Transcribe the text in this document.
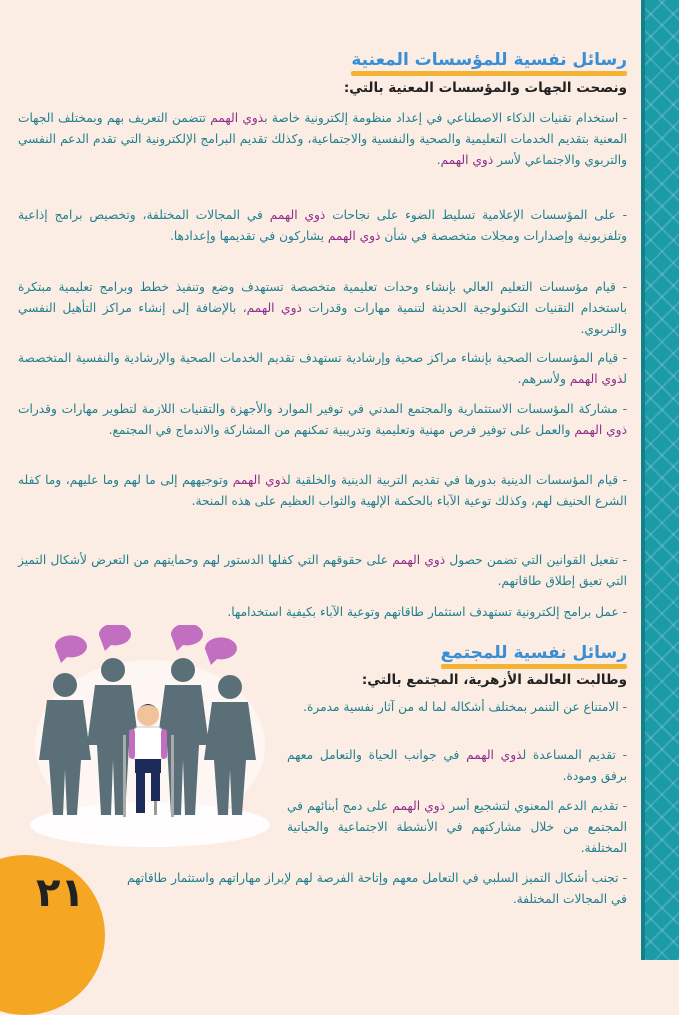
رسائل نفسية للمؤسسات المعنية
ونصحت الجهات والمؤسسات المعنية بالتي:
- استخدام تقنيات الذكاء الاصطناعي في إعداد منظومة إلكترونية خاصة بذوي الهمم تتضمن التعريف بهم وبمختلف الجهات المعنية بتقديم الخدمات التعليمية والصحية والنفسية والاجتماعية، وكذلك تقديم البرامج الإلكترونية التي تقدم الدعم النفسي والتربوي والاجتماعي لأسر ذوي الهمم.
- على المؤسسات الإعلامية تسليط الضوء على نجاحات ذوي الهمم في المجالات المختلفة، وتخصيص برامج إذاعية وتلفزيونية وإصدارات ومجلات متخصصة في شأن ذوي الهمم يشاركون في تقديمها وإعدادها.
- قيام مؤسسات التعليم العالي بإنشاء وحدات تعليمية متخصصة تستهدف وضع وتنفيذ خطط وبرامج تعليمية مبتكرة باستخدام التقنيات التكنولوجية الحديثة لتنمية مهارات وقدرات ذوي الهمم، بالإضافة إلى إنشاء مراكز التأهيل النفسي والتربوي.
- قيام المؤسسات الصحية بإنشاء مراكز صحية وإرشادية تستهدف تقديم الخدمات الصحية والإرشادية والنفسية المتخصصة لذوي الهمم ولأسرهم.
- مشاركة المؤسسات الاستثمارية والمجتمع المدني في توفير الموارد والأجهزة والتقنيات اللازمة لتطوير مهارات وقدرات ذوي الهمم والعمل على توفير فرص مهنية وتعليمية وتدريبية تمكنهم من المشاركة والاندماج في المجتمع.
- قيام المؤسسات الدينية بدورها في تقديم التربية الدينية والخلقية لذوي الهمم وتوجيههم إلى ما لهم وما عليهم، وما كفله الشرع الحنيف لهم، وكذلك توعية الآباء بالحكمة الإلهية والثواب العظيم على هذه المنحة.
- تفعيل القوانين التي تضمن حصول ذوي الهمم على حقوقهم التي كفلها الدستور لهم وحمايتهم من التعرض لأشكال التميز التي تعيق إطلاق طاقاتهم.
- عمل برامج إلكترونية تستهدف استثمار طاقاتهم وتوعية الآباء بكيفية استخدامها.
رسائل نفسية للمجتمع
وطالبت العالمة الأزهرية، المجتمع بالتي:
- الامتناع عن التنمر بمختلف أشكاله لما له من آثار نفسية مدمرة.
- تقديم المساعدة لذوي الهمم في جوانب الحياة والتعامل معهم برفق ومودة.
- تقديم الدعم المعنوي لتشجيع أسر ذوي الهمم على دمج أبنائهم في المجتمع من خلال مشاركتهم في الأنشطة الاجتماعية والحياتية المختلفة.
- تجنب أشكال التميز السلبي في التعامل معهم وإتاحة الفرصة لهم لإبراز مهاراتهم واستثمار طاقاتهم في المجالات المختلفة.
٢١
